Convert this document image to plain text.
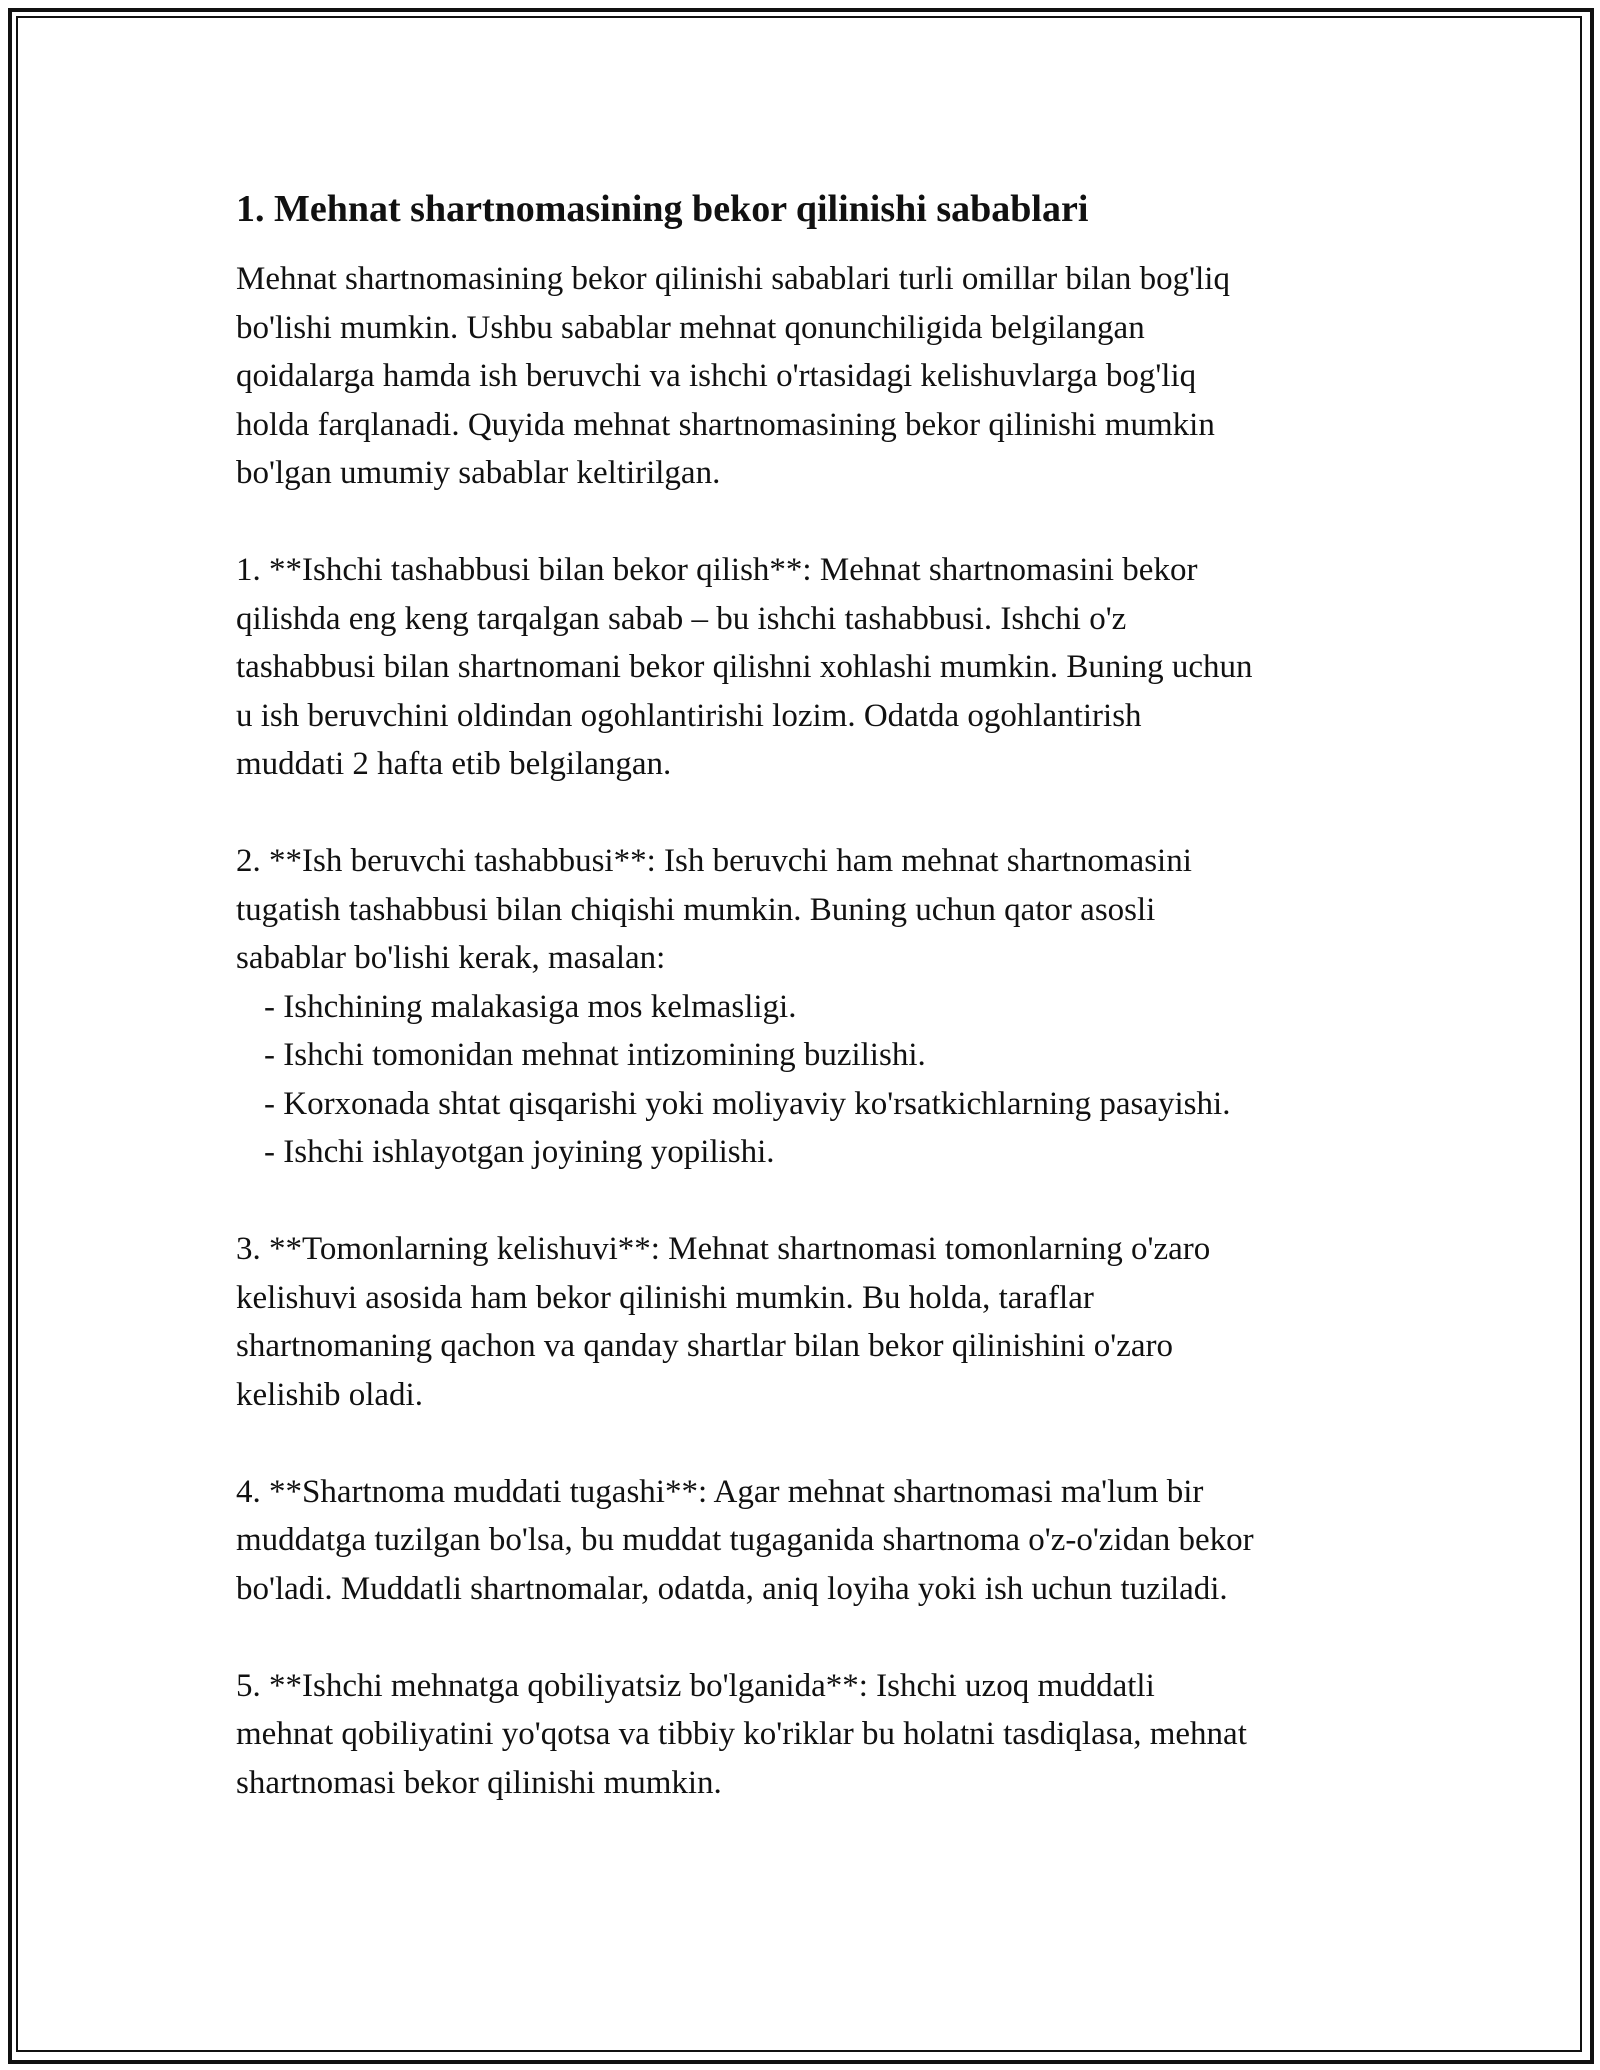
1. Mehnat shartnomasining bekor qilinishi sabablari
Mehnat shartnomasining bekor qilinishi sabablari turli omillar bilan bog'liq
bo'lishi mumkin. Ushbu sabablar mehnat qonunchiligida belgilangan
qoidalarga hamda ish beruvchi va ishchi o'rtasidagi kelishuvlarga bog'liq
holda farqlanadi. Quyida mehnat shartnomasining bekor qilinishi mumkin
bo'lgan umumiy sabablar keltirilgan.
1. **Ishchi tashabbusi bilan bekor qilish**: Mehnat shartnomasini bekor
qilishda eng keng tarqalgan sabab – bu ishchi tashabbusi. Ishchi o'z
tashabbusi bilan shartnomani bekor qilishni xohlashi mumkin. Buning uchun
u ish beruvchini oldindan ogohlantirishi lozim. Odatda ogohlantirish
muddati 2 hafta etib belgilangan.
2. **Ish beruvchi tashabbusi**: Ish beruvchi ham mehnat shartnomasini
tugatish tashabbusi bilan chiqishi mumkin. Buning uchun qator asosli
sabablar bo'lishi kerak, masalan:
- Ishchining malakasiga mos kelmasligi.
- Ishchi tomonidan mehnat intizomining buzilishi.
- Korxonada shtat qisqarishi yoki moliyaviy ko'rsatkichlarning pasayishi.
- Ishchi ishlayotgan joyining yopilishi.
3. **Tomonlarning kelishuvi**: Mehnat shartnomasi tomonlarning o'zaro
kelishuvi asosida ham bekor qilinishi mumkin. Bu holda, taraflar
shartnomaning qachon va qanday shartlar bilan bekor qilinishini o'zaro
kelishib oladi.
4. **Shartnoma muddati tugashi**: Agar mehnat shartnomasi ma'lum bir
muddatga tuzilgan bo'lsa, bu muddat tugaganida shartnoma o'z-o'zidan bekor
bo'ladi. Muddatli shartnomalar, odatda, aniq loyiha yoki ish uchun tuziladi.
5. **Ishchi mehnatga qobiliyatsiz bo'lganida**: Ishchi uzoq muddatli
mehnat qobiliyatini yo'qotsa va tibbiy ko'riklar bu holatni tasdiqlasa, mehnat
shartnomasi bekor qilinishi mumkin.
